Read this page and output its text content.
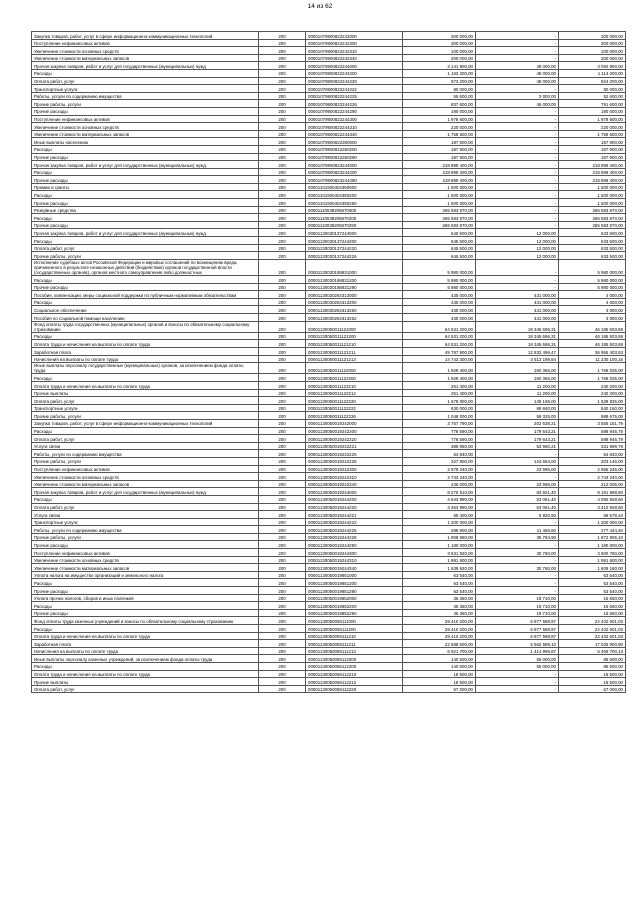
14 из 62
Закупка товаров, работ, услуг в сфере информационно-коммуникационных технологий	200	00001079900822242000	300 000,00	-	300 000,00
Поступление нефинансовых активов	200	00001079900822242300	300 000,00	-	300 000,00
Увеличение стоимости основных средств	200	00001079900822242310	100 000,00	-	100 000,00
Увеличение стоимости материальных запасов	200	00001079900822242340	200 000,00	-	200 000,00
Прочая закупка товаров, работ и услуг для государственных (муниципальных) нужд	200	00001079900822244000	3 141 900,00	49 000,00	3 092 900,00
Расходы	200	00001079900822244200	1 163 200,00	49 000,00	1 114 200,00
Оплата работ, услуг	200	00001079900822244220	973 200,00	49 000,00	924 200,00
Транспортные услуги	200	00001079900822244222	80 000,00	-	80 000,00
Работы, услуги по содержанию имущества	200	00001079900822244225	55 600,00	3 000,00	52 600,00
Прочие работы, услуги	200	00001079900822244226	837 600,00	46 000,00	791 600,00
Прочие расходы	200	00001079900822244290	190 000,00	-	190 000,00
Поступление нефинансовых активов	200	00001079900822244300	1 978 600,00	-	1 978 600,00
Увеличение стоимости основных средств	200	00001079900822244310	220 000,00	-	220 000,00
Увеличение стоимости материальных запасов	200	00001079900822244340	1 758 600,00	-	1 758 600,00
Иные выплаты населению	200	00001079900822360000	187 900,00	-	187 900,00
Расходы	200	00001079900822360200	187 900,00	-	187 900,00
Прочие расходы	200	00001079900822360290	187 900,00	-	187 900,00
Прочая закупка товаров, работ и услуг для государственных (муниципальных) нужд	200	00001079900823244000	218 899 400,00	-	218 899 400,00
Расходы	200	00001079900823244200	218 899 400,00	-	218 899 400,00
Прочие расходы	200	00001079900823244290	218 899 400,00	-	218 899 400,00
Премии и гранты	200	00001101500404350000	1 500 000,00	-	1 500 000,00
Расходы	200	00001101500404350200	1 500 000,00	-	1 500 000,00
Прочие расходы	200	00001101500404350290	1 500 000,00	-	1 500 000,00
Резервные средства	200	00001110039205870000	265 583 970,00	-	265 583 970,00
Расходы	200	00001110039205870200	265 583 970,00	-	265 583 970,00
Прочие расходы	200	00001110039205870290	265 583 970,00	-	265 583 970,00
Прочая закупка товаров, работ и услуг для государственных (муниципальных) нужд	200	00001130030137244000	645 500,00	12 000,00	633 500,00
Расходы	200	00001130030137244200	645 500,00	12 000,00	633 500,00
Оплата работ, услуг	200	00001130030137244220	645 500,00	12 000,00	633 500,00
Прочие работы, услуги	200	00001130030137244226	645 500,00	12 000,00	633 500,00
Исполнение судебных актов Российской Федерации и мировых соглашений по возмещению вреда, причиненного в результате незаконных действий (бездействия) органов государственной власти (государственных органов), органов местного самоуправления либо должностных	200	00001130030188831000	5 980 000,00	-	5 980 000,00
Расходы	200	00001130030188831200	5 980 000,00	-	5 980 000,00
Прочие расходы	200	00001130030188831290	5 980 000,00	-	5 980 000,00
Пособия, компенсации, меры социальной поддержки по публичным нормативным обязательствам	200	00001130030264313000	435 000,00	431 000,00	4 000,00
Расходы	200	00001130030264313200	435 000,00	431 000,00	4 000,00
Социальное обеспечение	200	00001130030264313260	435 000,00	431 000,00	4 000,00
Пособия по социальной помощи населению	200	00001130030264313262	435 000,00	431 000,00	4 000,00
Фонд оплаты труда государственных (муниципальных) органов и взносы по обязательному социальному страхованию	200	00001130050011121000	64 531 200,00	18 345 696,31	46 185 503,69
Расходы	200	00001130050011121200	64 531 200,00	18 345 696,31	46 185 503,69
Оплата труда и начисления на выплаты по оплате труда	200	00001130050011121210	64 531 200,00	18 345 696,31	46 185 503,69
Заработная плата	200	00001130050011121211	49 787 900,00	12 832 496,47	36 955 403,53
Начисления на выплаты по оплате труда	200	00001130050011121213	14 743 300,00	3 513 199,84	11 230 100,16
Иные выплаты персоналу государственных (муниципальных) органов, за исключением фонда оплаты труда	200	00001130050011122000	1 929 400,00	160 365,00	1 769 035,00
Расходы	200	00001130050011122200	1 929 400,00	160 365,00	1 769 035,00
Оплата труда и начисления на выплаты по оплате труда	200	00001130050011122210	251 400,00	11 200,00	240 200,00
Прочие выплаты	200	00001130050011122212	251 400,00	11 200,00	240 200,00
Оплата работ, услуг	200	00001130050011122220	1 678 000,00	149 165,00	1 528 835,00
Транспортные услуги	200	00001130050011122222	630 000,00	89 840,00	540 160,00
Прочие работы, услуги	200	00001130050011122226	1 048 000,00	59 325,00	988 675,00
Закупка товаров, работ, услуг в сфере информационно-коммуникационных технологий	200	00001130050019242000	3 757 790,00	202 638,21	3 555 151,79
Расходы	200	00001130050019242200	778 590,00	179 643,21	598 946,79
Оплата работ, услуг	200	00001130050019242220	778 590,00	179 643,21	598 946,79
Услуги связи	200	00001130050019242221	385 950,00	53 960,21	331 989,79
Работы, услуги по содержанию имущества	200	00001130050019242225	64 840,00	-	64 840,00
Прочие работы, услуги	200	00001130050019242226	327 800,00	124 654,00	203 146,00
Поступление нефинансовых активов	200	00001130050019242300	2 979 240,00	23 995,00	2 955 245,00
Увеличение стоимости основных средств	200	00001130050019242310	2 743 240,00	-	2 743 240,00
Увеличение стоимости материальных запасов	200	00001130050019242340	236 000,00	23 995,00	212 005,00
Прочая закупка товаров, работ и услуг для государственных (муниципальных) нужд	200	00001130050019244000	8 275 510,00	83 821,40	8 191 688,60
Расходы	200	00001130050019244200	4 643 990,00	53 061,40	4 590 928,60
Оплата работ, услуг	200	00001130050019244220	3 463 990,00	53 061,40	3 410 928,60
Услуги связи	200	00001130050019244221	65 400,00	5 820,90	59 579,10
Транспортные услуги	200	00001130050019244222	1 200 000,00	-	1 200 000,00
Работы, услуги по содержанию имущества	200	00001130050019244225	289 900,00	11 455,60	277 444,40
Прочие работы, услуги	200	00001130050019244226	1 908 690,00	35 784,90	1 872 905,10
Прочие расходы	200	00001130050019244290	1 180 000,00	-	1 180 000,00
Поступление нефинансовых активов	200	00001130050019244300	3 631 520,00	30 760,00	3 600 760,00
Увеличение стоимости основных средств	200	00001130050019244310	1 991 600,00	-	1 991 600,00
Увеличение стоимости материальных запасов	200	00001130050019244340	1 639 920,00	30 760,00	1 609 160,00
Уплата налога на имущество организаций и земельного налога	200	00001130050019851000	63 540,00	-	63 540,00
Расходы	200	00001130050019851200	63 540,00	-	63 540,00
Прочие расходы	200	00001130050019851290	63 540,00	-	63 540,00
Уплата прочих налогов, сборов и иных платежей	200	00001130050019852000	36 360,00	19 710,00	16 650,00
Расходы	200	00001130050019852200	36 360,00	19 710,00	16 650,00
Прочие расходы	200	00001130050019852290	36 360,00	19 710,00	16 650,00
Фонд оплаты труда казенных учреждений и взносы по обязательному социальному страхованию	200	00001130050059111000	29 410 200,00	6 977 598,97	22 432 601,03
Расходы	200	00001130050059111200	29 410 200,00	6 977 598,97	22 432 601,03
Оплата труда и начисления на выплаты по оплате труда	200	00001130050059111210	29 410 200,00	6 977 598,97	22 432 601,03
Заработная плата	200	00001130050059111211	22 588 500,00	5 562 599,10	17 025 900,90
Начисления на выплаты по оплате труда	200	00001130050059111213	6 821 700,00	1 414 999,87	5 406 700,13
Иные выплаты персоналу казенных учреждений, за исключением фонда оплаты труда	200	00001130050059112000	140 500,00	55 000,00	85 500,00
Расходы	200	00001130050059112200	140 500,00	55 000,00	85 500,00
Оплата труда и начисления на выплаты по оплате труда	200	00001130050059112210	18 500,00	-	18 500,00
Прочие выплаты	200	00001130050059112212	18 500,00	-	18 500,00
Оплата работ, услуг	200	00001130050059112220	67 000,00	-	67 000,00
